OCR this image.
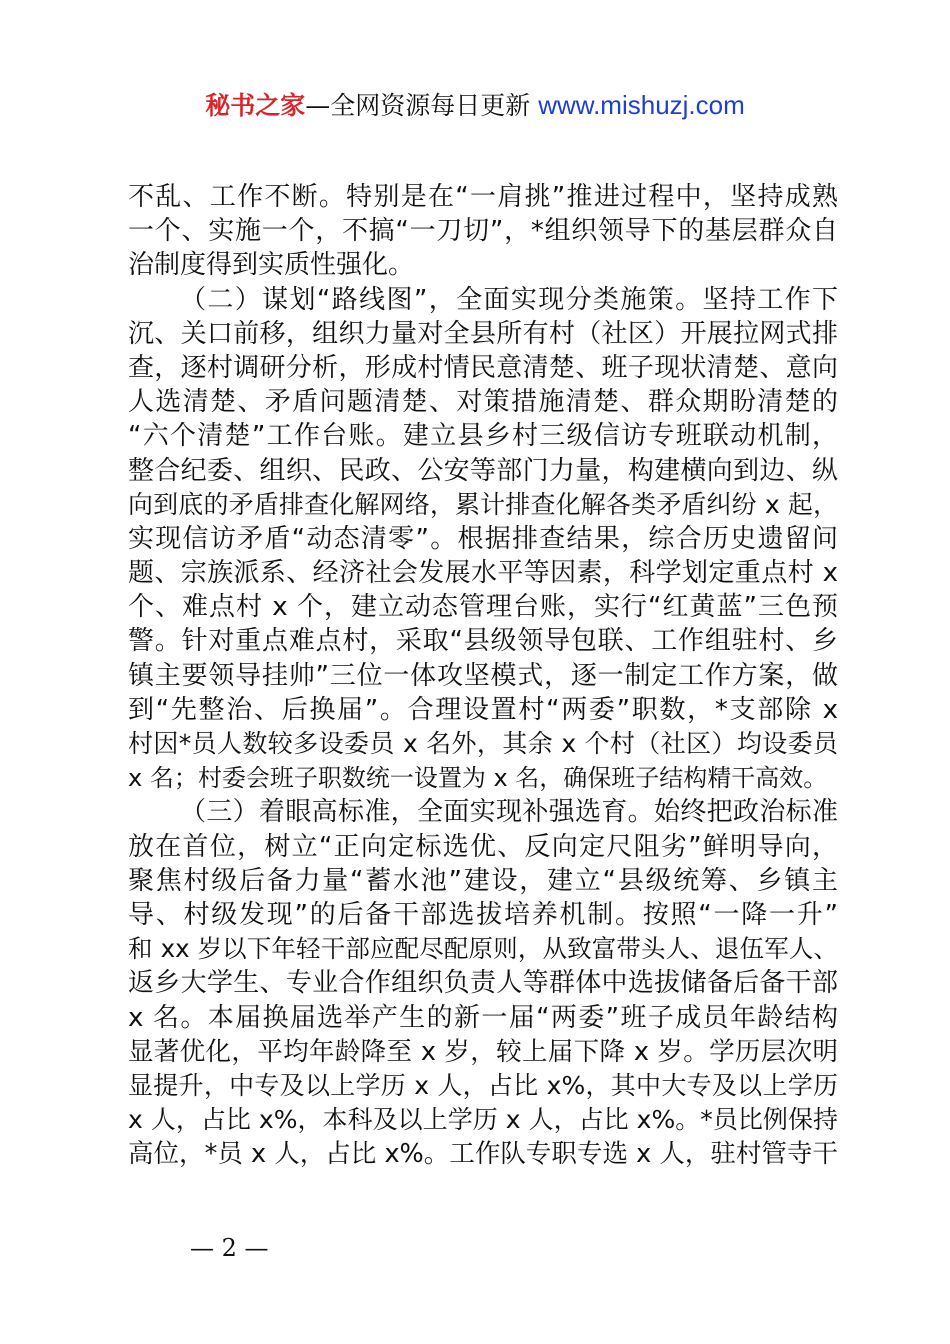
秘书之家—全网资源每日更新 www.mishuzj.com
不乱、工作不断。特别是在“一肩挑”推进过程中，坚持成熟
一个、实施一个，不搞“一刀切”，*组织领导下的基层群众自
治制度得到实质性强化。
（二）谋划“路线图”，全面实现分类施策。坚持工作下
沉、关口前移，组织力量对全县所有村（社区）开展拉网式排
查，逐村调研分析，形成村情民意清楚、班子现状清楚、意向
人选清楚、矛盾问题清楚、对策措施清楚、群众期盼清楚的
“六个清楚”工作台账。建立县乡村三级信访专班联动机制，
整合纪委、组织、民政、公安等部门力量，构建横向到边、纵
向到底的矛盾排查化解网络，累计排查化解各类矛盾纠纷 x 起，
实现信访矛盾“动态清零”。根据排查结果，综合历史遗留问
题、宗族派系、经济社会发展水平等因素，科学划定重点村 x
个、难点村 x 个，建立动态管理台账，实行“红黄蓝”三色预
警。针对重点难点村，采取“县级领导包联、工作组驻村、乡
镇主要领导挂帅”三位一体攻坚模式，逐一制定工作方案，做
到“先整治、后换届”。合理设置村“两委”职数，*支部除 x
村因*员人数较多设委员 x 名外，其余 x 个村（社区）均设委员
x 名；村委会班子职数统一设置为 x 名，确保班子结构精干高效。
（三）着眼高标准，全面实现补强选育。始终把政治标准
放在首位，树立“正向定标选优、反向定尺阻劣”鲜明导向，
聚焦村级后备力量“蓄水池”建设，建立“县级统筹、乡镇主
导、村级发现”的后备干部选拔培养机制。按照“一降一升”
和 xx 岁以下年轻干部应配尽配原则，从致富带头人、退伍军人、
返乡大学生、专业合作组织负责人等群体中选拔储备后备干部
x 名。本届换届选举产生的新一届“两委”班子成员年龄结构
显著优化，平均年龄降至 x 岁，较上届下降 x 岁。学历层次明
显提升，中专及以上学历 x 人，占比 x%，其中大专及以上学历
x 人，占比 x%，本科及以上学历 x 人，占比 x%。*员比例保持
高位，*员 x 人，占比 x%。工作队专职专选 x 人，驻村管寺干
— 2 —
